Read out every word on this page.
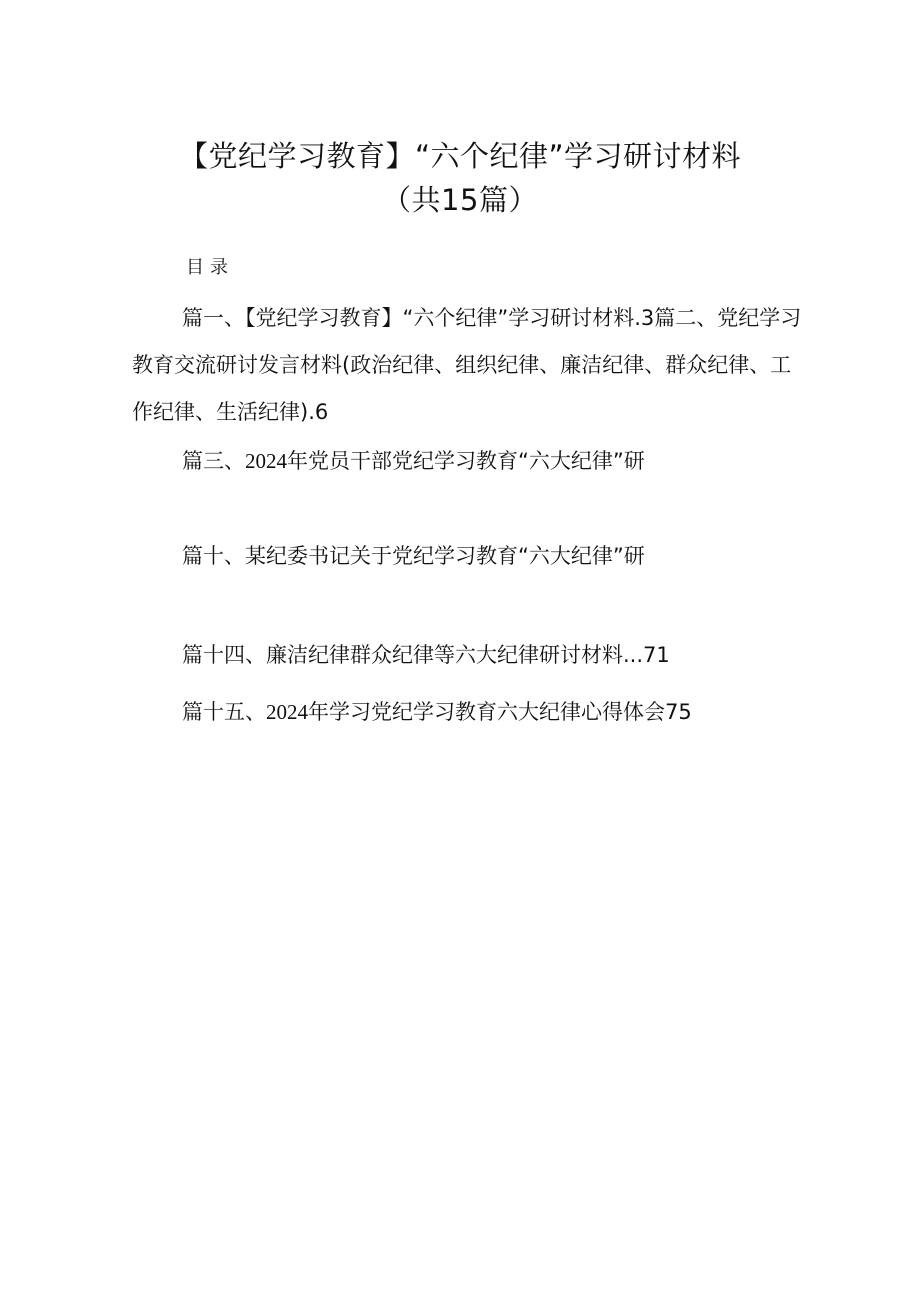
【党纪学习教育】“六个纪律”学习研讨材料
（共15篇）
目录
篇一、【党纪学习教育】“六个纪律”学习研讨材料.3篇二、党纪学习教育交流研讨发言材料(政治纪律、组织纪律、廉洁纪律、群众纪律、工作纪律、生活纪律).6
篇三、2024年党员干部党纪学习教育“六大纪律”研
篇十、某纪委书记关于党纪学习教育“六大纪律”研
篇十四、廉洁纪律群众纪律等六大纪律研讨材料...71
篇十五、2024年学习党纪学习教育六大纪律心得体会75
